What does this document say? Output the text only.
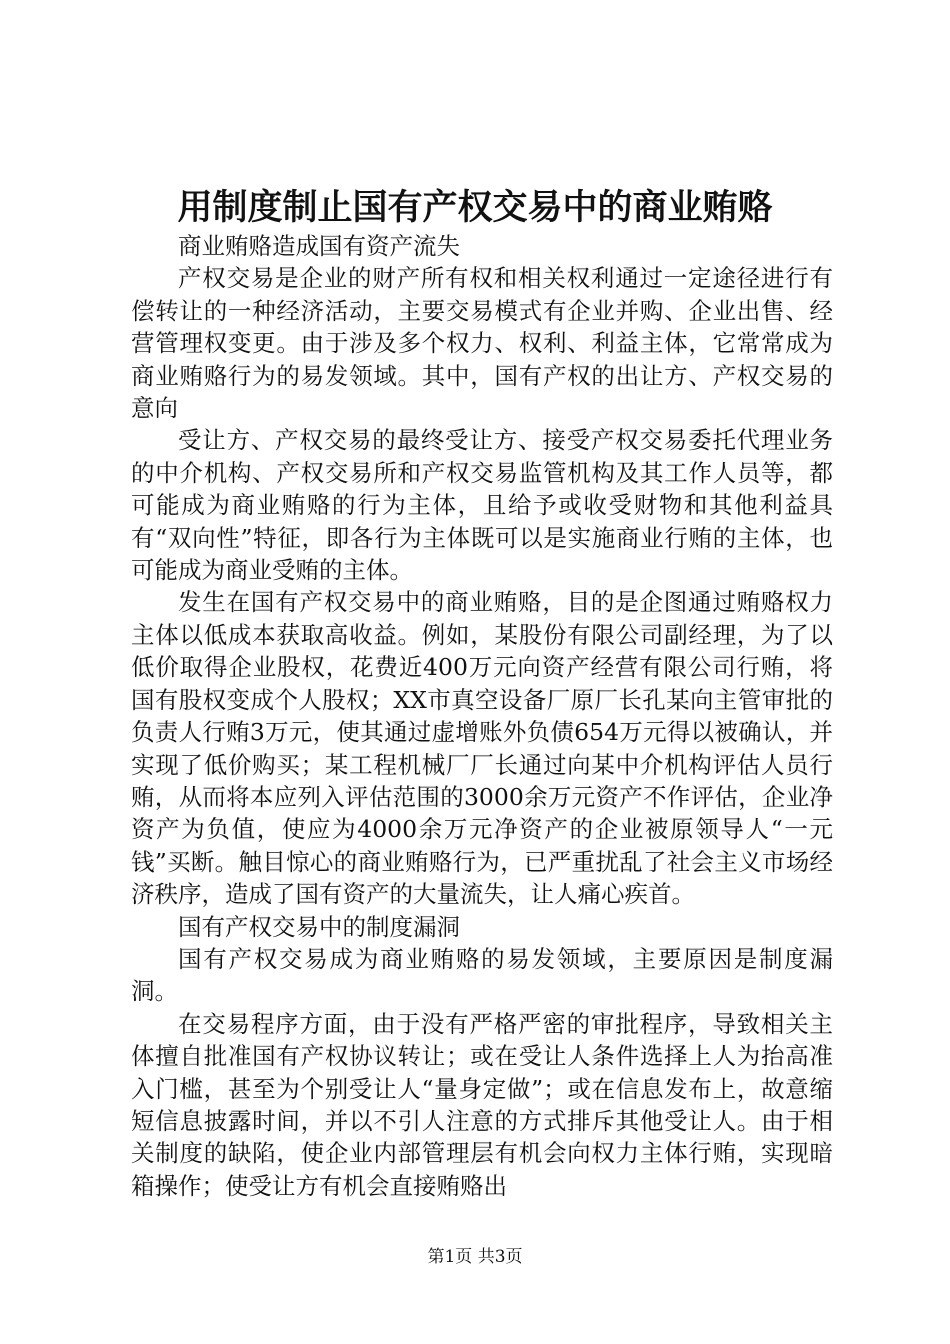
用制度制止国有产权交易中的商业贿赂

商业贿赂造成国有资产流失

产权交易是企业的财产所有权和相关权利通过一定途径进行有偿转让的一种经济活动，主要交易模式有企业并购、企业出售、经营管理权变更。由于涉及多个权力、权利、利益主体，它常常成为商业贿赂行为的易发领域。其中，国有产权的出让方、产权交易的意向

受让方、产权交易的最终受让方、接受产权交易委托代理业务的中介机构、产权交易所和产权交易监管机构及其工作人员等，都可能成为商业贿赂的行为主体，且给予或收受财物和其他利益具有“双向性”特征，即各行为主体既可以是实施商业行贿的主体，也可能成为商业受贿的主体。

发生在国有产权交易中的商业贿赂，目的是企图通过贿赂权力主体以低成本获取高收益。例如，某股份有限公司副经理，为了以低价取得企业股权，花费近400万元向资产经营有限公司行贿，将国有股权变成个人股权；XX市真空设备厂原厂长孔某向主管审批的负责人行贿3万元，使其通过虚增账外负债654万元得以被确认，并实现了低价购买；某工程机械厂厂长通过向某中介机构评估人员行贿，从而将本应列入评估范围的3000余万元资产不作评估，企业净资产为负值，使应为4000余万元净资产的企业被原领导人“一元钱”买断。触目惊心的商业贿赂行为，已严重扰乱了社会主义市场经济秩序，造成了国有资产的大量流失，让人痛心疾首。

国有产权交易中的制度漏洞

国有产权交易成为商业贿赂的易发领域，主要原因是制度漏洞。

在交易程序方面，由于没有严格严密的审批程序，导致相关主体擅自批准国有产权协议转让；或在受让人条件选择上人为抬高准入门槛，甚至为个别受让人“量身定做”；或在信息发布上，故意缩短信息披露时间，并以不引人注意的方式排斥其他受让人。由于相关制度的缺陷，使企业内部管理层有机会向权力主体行贿，实现暗箱操作；使受让方有机会直接贿赂出

第1页 共3页
